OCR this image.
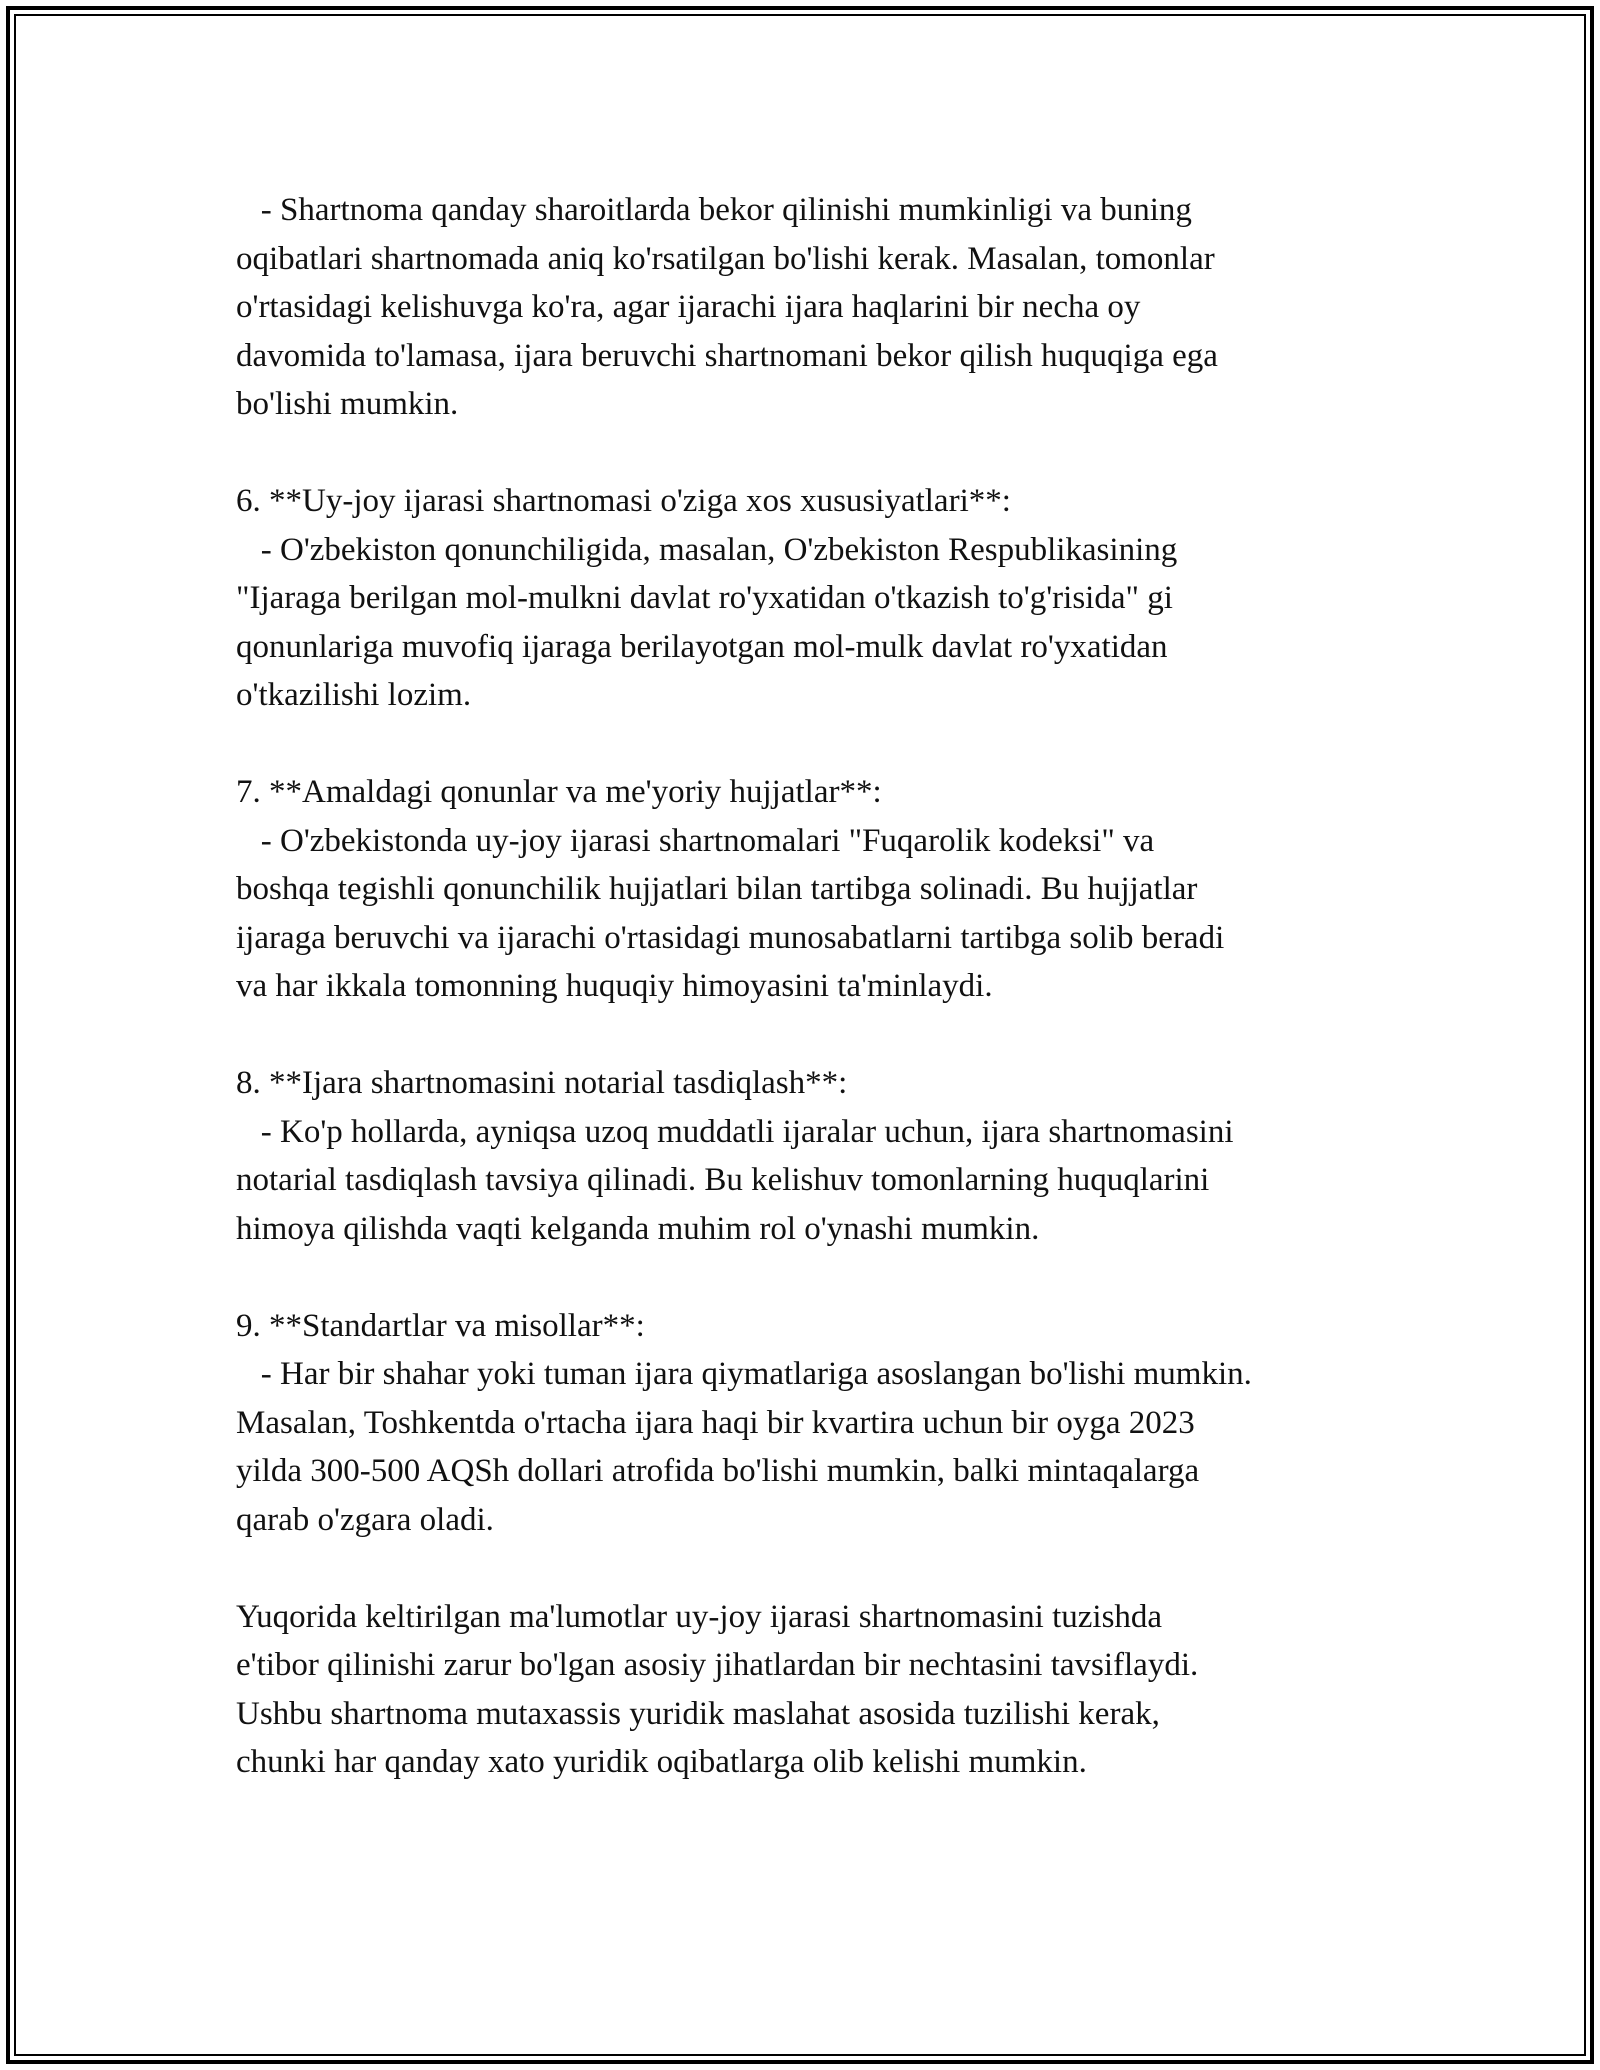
- Shartnoma qanday sharoitlarda bekor qilinishi mumkinligi va buning
oqibatlari shartnomada aniq ko'rsatilgan bo'lishi kerak. Masalan, tomonlar
o'rtasidagi kelishuvga ko'ra, agar ijarachi ijara haqlarini bir necha oy
davomida to'lamasa, ijara beruvchi shartnomani bekor qilish huquqiga ega
bo'lishi mumkin.
6. **Uy-joy ijarasi shartnomasi o'ziga xos xususiyatlari**:
- O'zbekiston qonunchiligida, masalan, O'zbekiston Respublikasining
"Ijaraga berilgan mol-mulkni davlat ro'yxatidan o'tkazish to'g'risida" gi
qonunlariga muvofiq ijaraga berilayotgan mol-mulk davlat ro'yxatidan
o'tkazilishi lozim.
7. **Amaldagi qonunlar va me'yoriy hujjatlar**:
- O'zbekistonda uy-joy ijarasi shartnomalari "Fuqarolik kodeksi" va
boshqa tegishli qonunchilik hujjatlari bilan tartibga solinadi. Bu hujjatlar
ijaraga beruvchi va ijarachi o'rtasidagi munosabatlarni tartibga solib beradi
va har ikkala tomonning huquqiy himoyasini ta'minlaydi.
8. **Ijara shartnomasini notarial tasdiqlash**:
- Ko'p hollarda, ayniqsa uzoq muddatli ijaralar uchun, ijara shartnomasini
notarial tasdiqlash tavsiya qilinadi. Bu kelishuv tomonlarning huquqlarini
himoya qilishda vaqti kelganda muhim rol o'ynashi mumkin.
9. **Standartlar va misollar**:
- Har bir shahar yoki tuman ijara qiymatlariga asoslangan bo'lishi mumkin.
Masalan, Toshkentda o'rtacha ijara haqi bir kvartira uchun bir oyga 2023
yilda 300-500 AQSh dollari atrofida bo'lishi mumkin, balki mintaqalarga
qarab o'zgara oladi.
Yuqorida keltirilgan ma'lumotlar uy-joy ijarasi shartnomasini tuzishda
e'tibor qilinishi zarur bo'lgan asosiy jihatlardan bir nechtasini tavsiflaydi.
Ushbu shartnoma mutaxassis yuridik maslahat asosida tuzilishi kerak,
chunki har qanday xato yuridik oqibatlarga olib kelishi mumkin.
